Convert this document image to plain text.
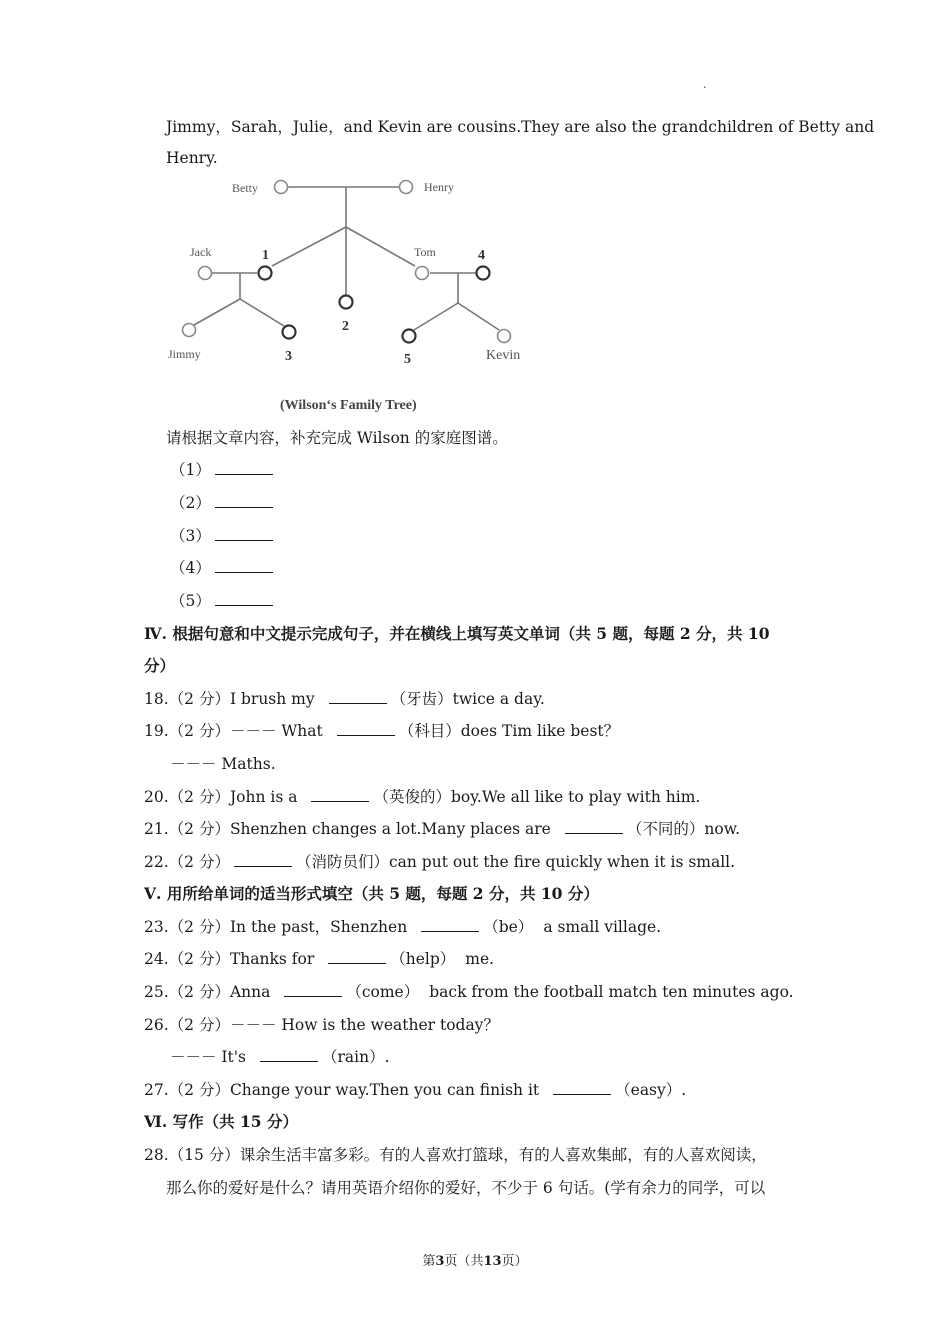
.
Jimmy，Sarah，Julie，and Kevin are cousins.They are also the grandchildren of Betty and
Henry.
Betty	Henry
Jack	Tom
Jimmy	Kevin
1
2
3
4
5
(Wilson‘s Family Tree)
请根据文章内容，补充完成 Wilson 的家庭图谱。
（1）
（2）
（3）
（4）
（5）
Ⅳ. 根据句意和中文提示完成句子，并在横线上填写英文单词（共 5 题，每题 2 分，共 10
分）
18.（2 分）I brush my	（牙齿）twice a day.
19.（2 分）－－－ What	（科目）does Tim like best？
－－－ Maths.
20.（2 分）John is a	（英俊的）boy.We all like to play with him.
21.（2 分）Shenzhen changes a lot.Many places are	（不同的）now.
22.（2 分）	（消防员们）can put out the fire quickly when it is small.
Ⅴ. 用所给单词的适当形式填空（共 5 题，每题 2 分，共 10 分）
23.（2 分）In the past，Shenzhen	（be） a small village.
24.（2 分）Thanks for	（help） me.
25.（2 分）Anna	（come） back from the football match ten minutes ago.
26.（2 分）－－－ How is the weather today？
－－－ It's	（rain）.
27.（2 分）Change your way.Then you can finish it	（easy）.
Ⅵ. 写作（共 15 分）
28.（15 分）课余生活丰富多彩。有的人喜欢打篮球，有的人喜欢集邮，有的人喜欢阅读，
那么你的爱好是什么？请用英语介绍你的爱好，不少于 6 句话。(学有余力的同学，可以
第3页（共13页）
